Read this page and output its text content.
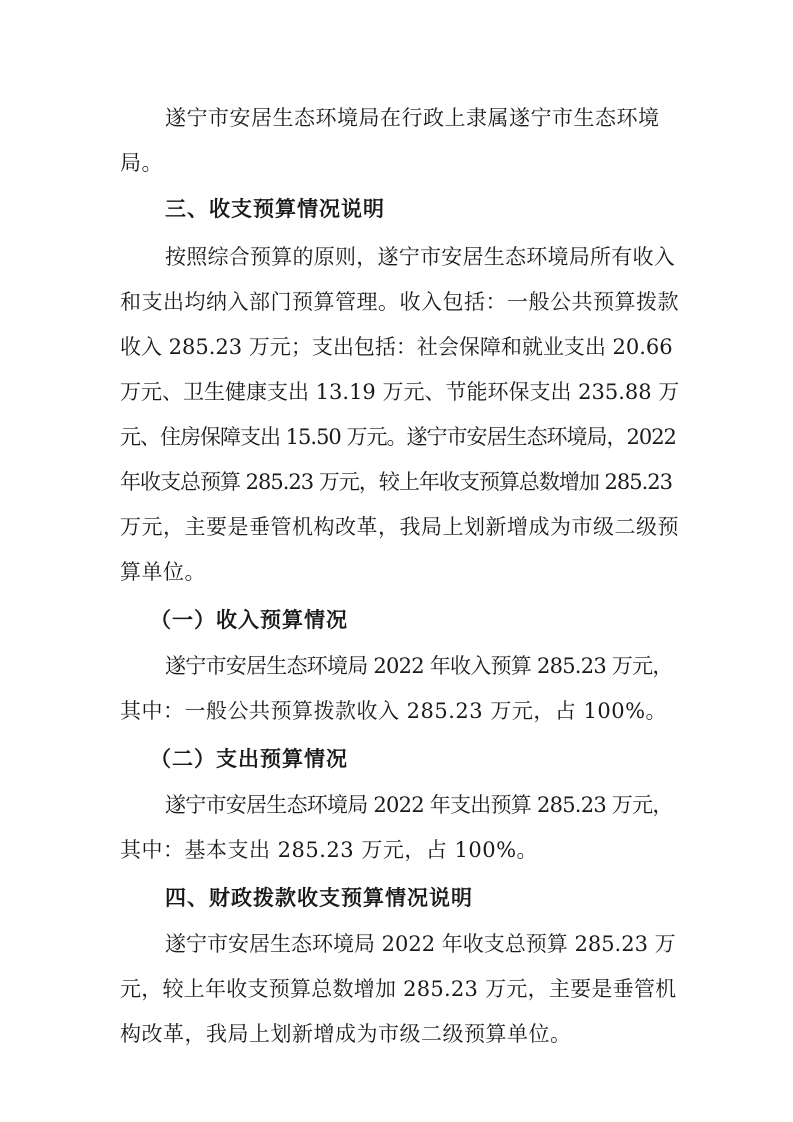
遂宁市安居生态环境局在行政上隶属遂宁市生态环境
局。
三、收支预算情况说明
按照综合预算的原则，遂宁市安居生态环境局所有收入
和支出均纳入部门预算管理。收入包括：一般公共预算拨款
收入 285.23 万元；支出包括：社会保障和就业支出 20.66
万元、卫生健康支出 13.19 万元、节能环保支出 235.88 万
元、住房保障支出 15.50 万元。遂宁市安居生态环境局，2022
年收支总预算 285.23 万元，较上年收支预算总数增加 285.23
万元，主要是垂管机构改革，我局上划新增成为市级二级预
算单位。
（一）收入预算情况
遂宁市安居生态环境局 2022 年收入预算 285.23 万元，
其中：一般公共预算拨款收入 285.23 万元，占 100%。
（二）支出预算情况
遂宁市安居生态环境局 2022 年支出预算 285.23 万元，
其中：基本支出 285.23 万元，占 100%。
四、财政拨款收支预算情况说明
遂宁市安居生态环境局 2022 年收支总预算 285.23 万
元，较上年收支预算总数增加 285.23 万元，主要是垂管机
构改革，我局上划新增成为市级二级预算单位。
